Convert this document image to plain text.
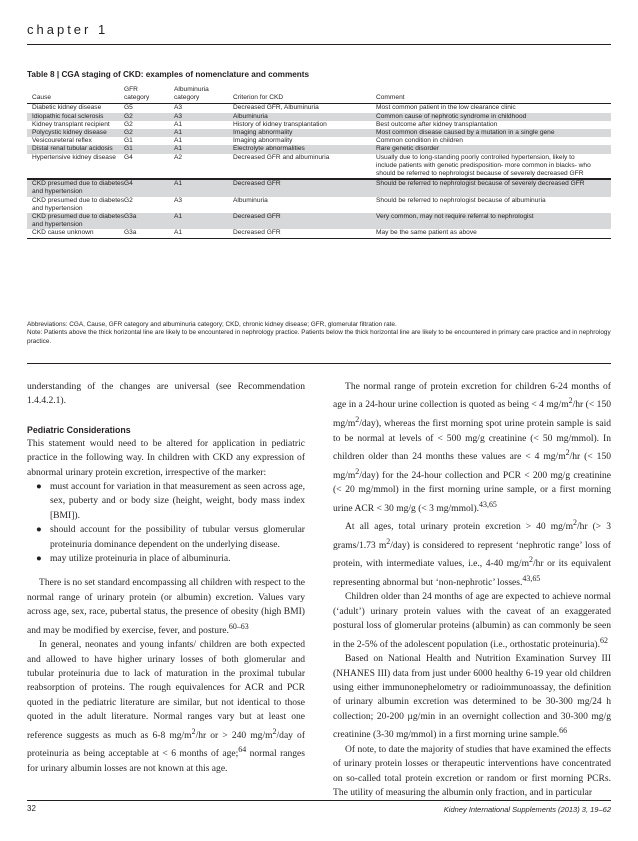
chapter 1
Table 8 | CGA staging of CKD: examples of nomenclature and comments
Cause	GFR category	Albuminuria category	Criterion for CKD	Comment
Diabetic kidney disease	G5	A3	Decreased GFR, Albuminuria	Most common patient in the low clearance clinic
Idiopathic focal sclerosis	G2	A3	Albuminuria	Common cause of nephrotic syndrome in childhood
Kidney transplant recipient	G2	A1	History of kidney transplantation	Best outcome after kidney transplantation
Polycystic kidney disease	G2	A1	Imaging abnormality	Most common disease caused by a mutation in a single gene
Vesicoureteral reflex	G1	A1	Imaging abnormality	Common condition in children
Distal renal tubular acidosis	G1	A1	Electrolyte abnormalities	Rare genetic disorder
Hypertensive kidney disease	G4	A2	Decreased GFR and albuminuria	Usually due to long-standing poorly controlled hypertension, likely to include patients with genetic predisposition- more common in blacks- who should be referred to nephrologist because of severely decreased GFR
CKD presumed due to diabetes and hypertension	G4	A1	Decreased GFR	Should be referred to nephrologist because of severely decreased GFR
CKD presumed due to diabetes and hypertension	G2	A3	Albuminuria	Should be referred to nephrologist because of albuminuria
CKD presumed due to diabetes and hypertension	G3a	A1	Decreased GFR	Very common, may not require referral to nephrologist
CKD cause unknown	G3a	A1	Decreased GFR	May be the same patient as above
Abbreviations: CGA, Cause, GFR category and albuminuria category; CKD, chronic kidney disease; GFR, glomerular filtration rate.
Note: Patients above the thick horizontal line are likely to be encountered in nephrology practice. Patients below the thick horizontal line are likely to be encountered in primary care practice and in nephrology practice.

understanding of the changes are universal (see Recommendation 1.4.4.2.1).

Pediatric Considerations

This statement would need to be altered for application in pediatric practice in the following way. In children with CKD any expression of abnormal urinary protein excretion, irrespective of the marker:

● must account for variation in that measurement as seen across age, sex, puberty and or body size (height, weight, body mass index [BMI]).
● should account for the possibility of tubular versus glomerular proteinuria dominance dependent on the underlying disease.
● may utilize proteinuria in place of albuminuria.

There is no set standard encompassing all children with respect to the normal range of urinary protein (or albumin) excretion. Values vary across age, sex, race, pubertal status, the presence of obesity (high BMI) and may be modified by exercise, fever, and posture.$^{60-63}$

In general, neonates and young infants/ children are both expected and allowed to have higher urinary losses of both glomerular and tubular proteinuria due to lack of maturation in the proximal tubular reabsorption of proteins. The rough equivalences for ACR and PCR quoted in the pediatric literature are similar, but not identical to those quoted in the adult literature. Normal ranges vary but at least one reference suggests as much as 6-8 $mg/m^2/hr$ or > 240 $mg/m^2$/day of proteinuria as being acceptable at < 6 months of age;$^{64}$ normal ranges for urinary albumin losses are not known at this age.

The normal range of protein excretion for children 6-24 months of age in a 24-hour urine collection is quoted as being < 4 $mg/m^2/hr$ (< 150 $mg/m^2/day$), whereas the first morning spot urine protein sample is said to be normal at levels of < 500 mg/g creatinine (< 50 mg/mmol). In children older than 24 months these values are < 4 $mg/m^2/hr$ (< 150 $mg/m^2/day$) for the 24-hour collection and PCR < 200 mg/g creatinine (< 20 mg/mmol) in the first morning urine sample, or a first morning urine ACR < 30 mg/g (< 3 mg/mmol).$^{43,65}$

At all ages, total urinary protein excretion > 40 $mg/m^2/hr$ (> 3 grams/1.73 $m^2/day$) is considered to represent ‘nephrotic range’ loss of protein, with intermediate values, i.e., 4-40 $mg/m^2/hr$ or its equivalent representing abnormal but ‘non-nephrotic’ losses.$^{43,65}$

Children older than 24 months of age are expected to achieve normal (‘adult’) urinary protein values with the caveat of an exaggerated postural loss of glomerular proteins (albumin) as can commonly be seen in the 2-5% of the adolescent population (i.e., orthostatic proteinuria).$^{62}$

Based on National Health and Nutrition Examination Survey III (NHANES III) data from just under 6000 healthy 6-19 year old children using either immunonephelometry or radioimmunoassay, the definition of urinary albumin excretion was determined to be 30-300 mg/24 h collection; 20-200 µg/min in an overnight collection and 30-300 mg/g creatinine (3-30 mg/mmol) in a first morning urine sample.$^{66}$

Of note, to date the majority of studies that have examined the effects of urinary protein losses or therapeutic interventions have concentrated on so-called total protein excretion or random or first morning PCRs. The utility of measuring the albumin only fraction, and in particular

32	Kidney International Supplements (2013) 3, 19–62
